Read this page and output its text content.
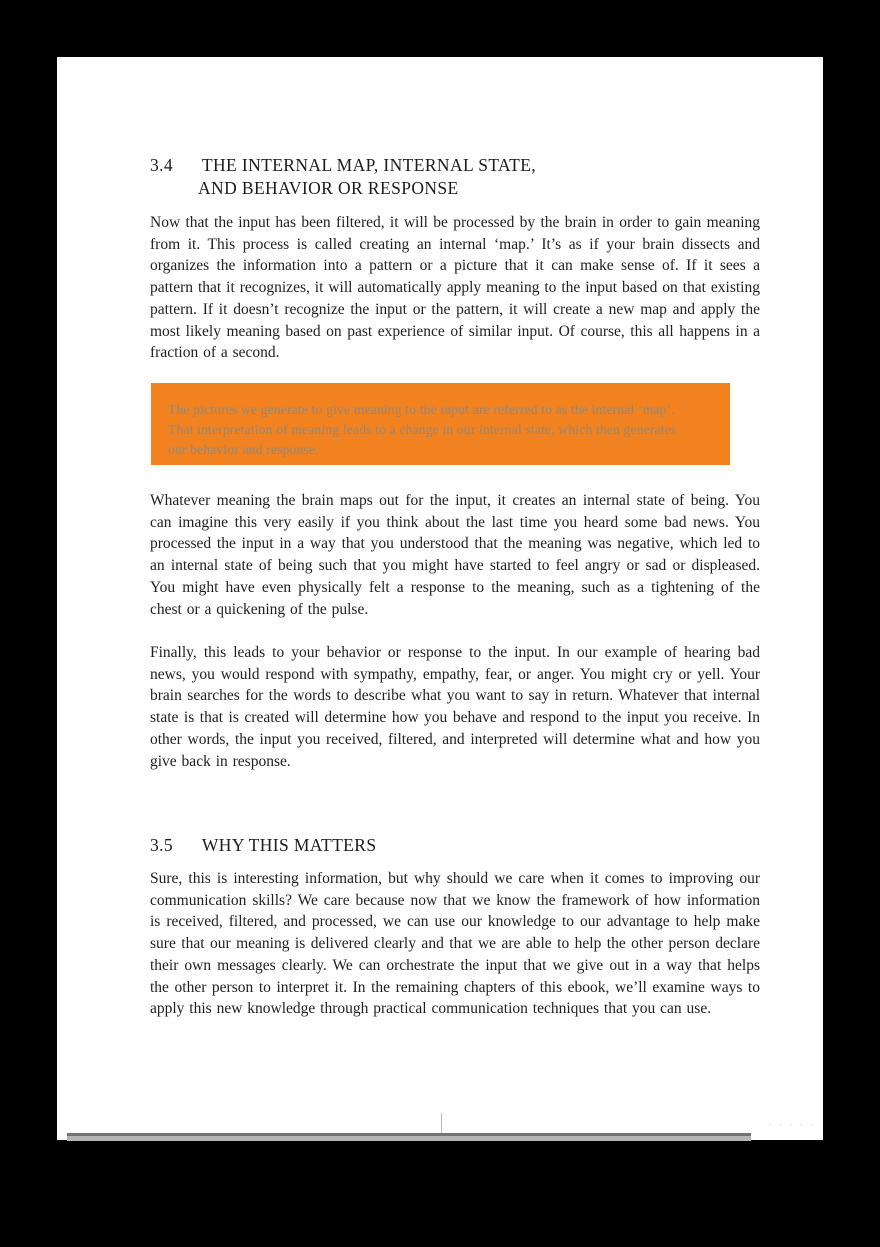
3.4 THE INTERNAL MAP, INTERNAL STATE,
AND BEHAVIOR OR RESPONSE

Now that the input has been filtered, it will be processed by the brain in order to gain meaning from it. This process is called creating an internal ‘map.’ It’s as if your brain dissects and organizes the information into a pattern or a picture that it can make sense of. If it sees a pattern that it recognizes, it will automatically apply meaning to the input based on that existing pattern. If it doesn’t recognize the input or the pattern, it will create a new map and apply the most likely meaning based on past experience of similar input. Of course, this all happens in a fraction of a second.

The pictures we generate to give meaning to the input are referred to as the internal ‘map’.
That interpretation of meaning leads to a change in our internal state, which then generates
our behavior and response.

Whatever meaning the brain maps out for the input, it creates an internal state of being. You can imagine this very easily if you think about the last time you heard some bad news. You processed the input in a way that you understood that the meaning was negative, which led to an internal state of being such that you might have started to feel angry or sad or displeased. You might have even physically felt a response to the meaning, such as a tightening of the chest or a quickening of the pulse.

Finally, this leads to your behavior or response to the input. In our example of hearing bad news, you would respond with sympathy, empathy, fear, or anger. You might cry or yell. Your brain searches for the words to describe what you want to say in return. Whatever that internal state is that is created will determine how you behave and respond to the input you receive. In other words, the input you received, filtered, and interpreted will determine what and how you give back in response.

3.5 WHY THIS MATTERS

Sure, this is interesting information, but why should we care when it comes to improving our communication skills? We care because now that we know the framework of how information is received, filtered, and processed, we can use our knowledge to our advantage to help make sure that our meaning is delivered clearly and that we are able to help the other person declare their own messages clearly. We can orchestrate the input that we give out in a way that helps the other person to interpret it. In the remaining chapters of this ebook, we’ll examine ways to apply this new knowledge through practical communication techniques that you can use.

· · · · ·
